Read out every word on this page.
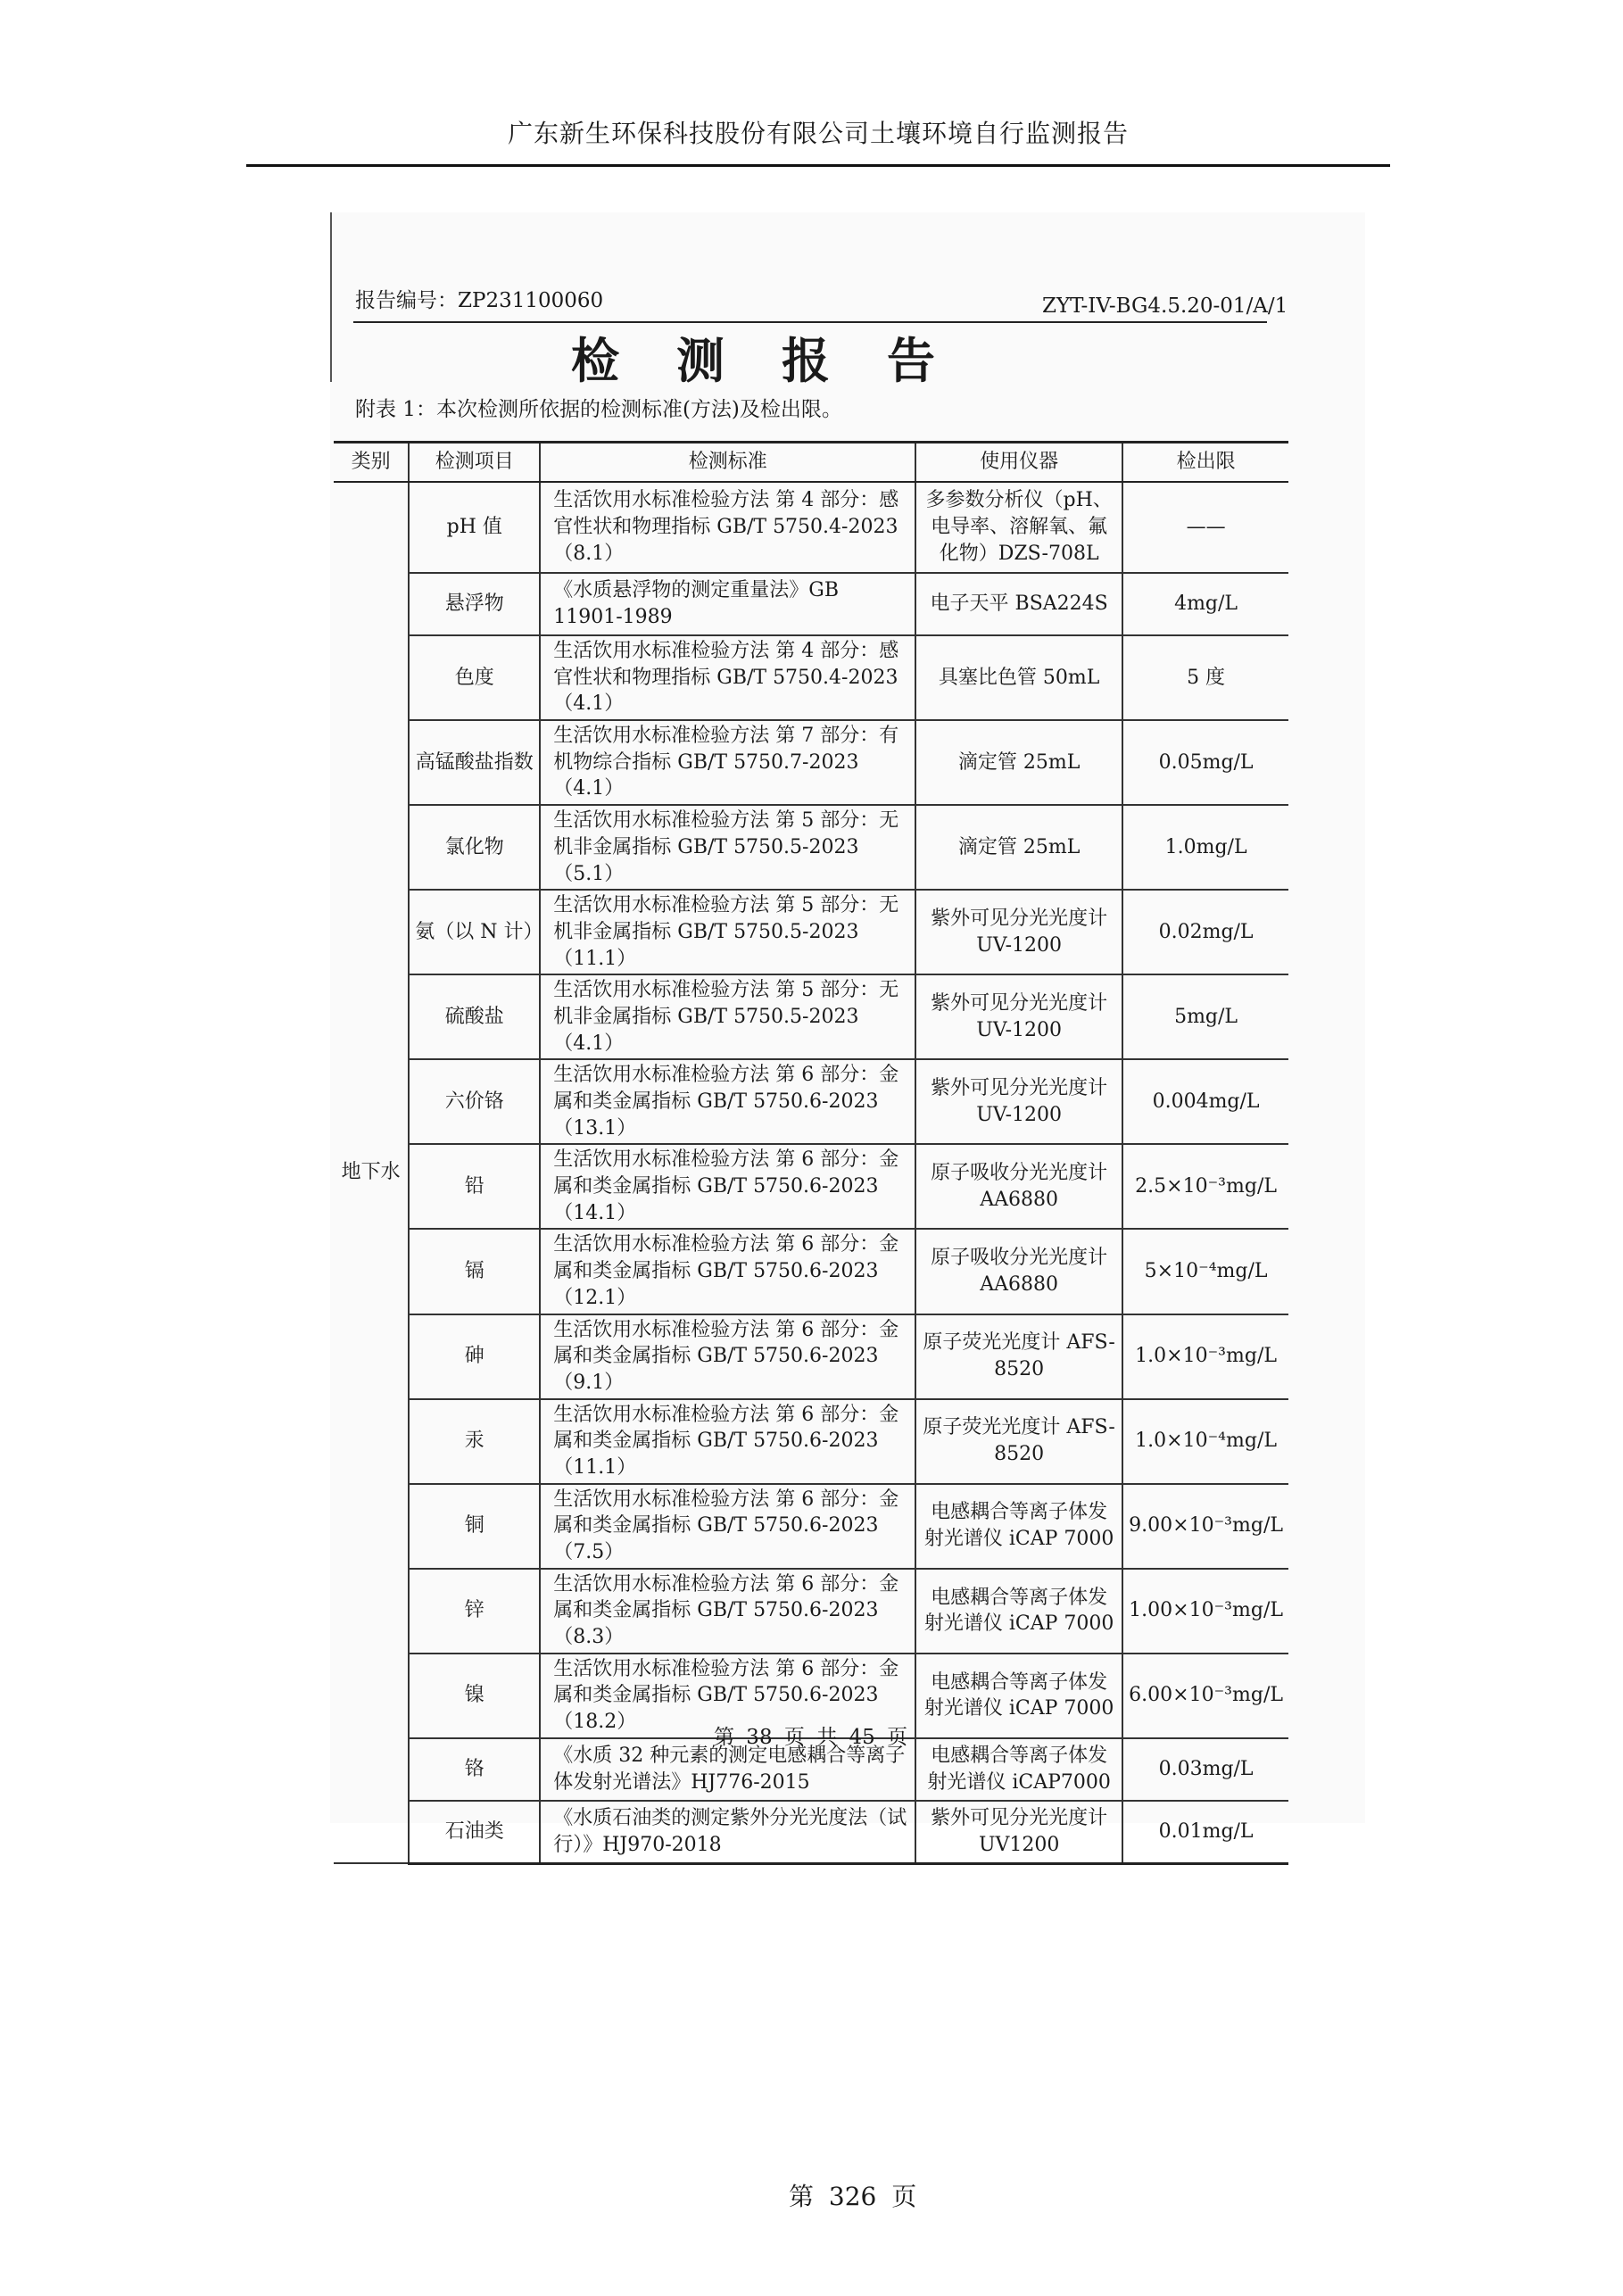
广东新生环保科技股份有限公司土壤环境自行监测报告
报告编号：ZP231100060	ZYT-IV-BG4.5.20-01/A/1
检测报告
附表 1：本次检测所依据的检测标准(方法)及检出限。
类别	检测项目	检测标准	使用仪器	检出限
地下水	pH 值	生活饮用水标准检验方法 第 4 部分：感官性状和物理指标 GB/T 5750.4-2023（8.1）	多参数分析仪（pH、电导率、溶解氧、氟化物）DZS-708L	——
	悬浮物	《水质悬浮物的测定重量法》GB 11901-1989	电子天平 BSA224S	4mg/L
	色度	生活饮用水标准检验方法 第 4 部分：感官性状和物理指标 GB/T 5750.4-2023（4.1）	具塞比色管 50mL	5 度
	高锰酸盐指数	生活饮用水标准检验方法 第 7 部分：有机物综合指标 GB/T 5750.7-2023（4.1）	滴定管 25mL	0.05mg/L
	氯化物	生活饮用水标准检验方法 第 5 部分：无机非金属指标 GB/T 5750.5-2023（5.1）	滴定管 25mL	1.0mg/L
	氨（以 N 计）	生活饮用水标准检验方法 第 5 部分：无机非金属指标 GB/T 5750.5-2023（11.1）	紫外可见分光光度计 UV-1200	0.02mg/L
	硫酸盐	生活饮用水标准检验方法 第 5 部分：无机非金属指标 GB/T 5750.5-2023（4.1）	紫外可见分光光度计 UV-1200	5mg/L
	六价铬	生活饮用水标准检验方法 第 6 部分：金属和类金属指标 GB/T 5750.6-2023（13.1）	紫外可见分光光度计 UV-1200	0.004mg/L
	铅	生活饮用水标准检验方法 第 6 部分：金属和类金属指标 GB/T 5750.6-2023（14.1）	原子吸收分光光度计 AA6880	2.5×10⁻³mg/L
	镉	生活饮用水标准检验方法 第 6 部分：金属和类金属指标 GB/T 5750.6-2023（12.1）	原子吸收分光光度计 AA6880	5×10⁻⁴mg/L
	砷	生活饮用水标准检验方法 第 6 部分：金属和类金属指标 GB/T 5750.6-2023（9.1）	原子荧光光度计 AFS-8520	1.0×10⁻³mg/L
	汞	生活饮用水标准检验方法 第 6 部分：金属和类金属指标 GB/T 5750.6-2023（11.1）	原子荧光光度计 AFS-8520	1.0×10⁻⁴mg/L
	铜	生活饮用水标准检验方法 第 6 部分：金属和类金属指标 GB/T 5750.6-2023（7.5）	电感耦合等离子体发射光谱仪 iCAP 7000	9.00×10⁻³mg/L
	锌	生活饮用水标准检验方法 第 6 部分：金属和类金属指标 GB/T 5750.6-2023（8.3）	电感耦合等离子体发射光谱仪 iCAP 7000	1.00×10⁻³mg/L
	镍	生活饮用水标准检验方法 第 6 部分：金属和类金属指标 GB/T 5750.6-2023（18.2）	电感耦合等离子体发射光谱仪 iCAP 7000	6.00×10⁻³mg/L
	铬	《水质 32 种元素的测定电感耦合等离子体发射光谱法》HJ776-2015	电感耦合等离子体发射光谱仪 iCAP7000	0.03mg/L
	石油类	《水质石油类的测定紫外分光光度法（试行）》HJ970-2018	紫外可见分光光度计 UV1200	0.01mg/L
第 38 页 共 45 页
第 326 页
